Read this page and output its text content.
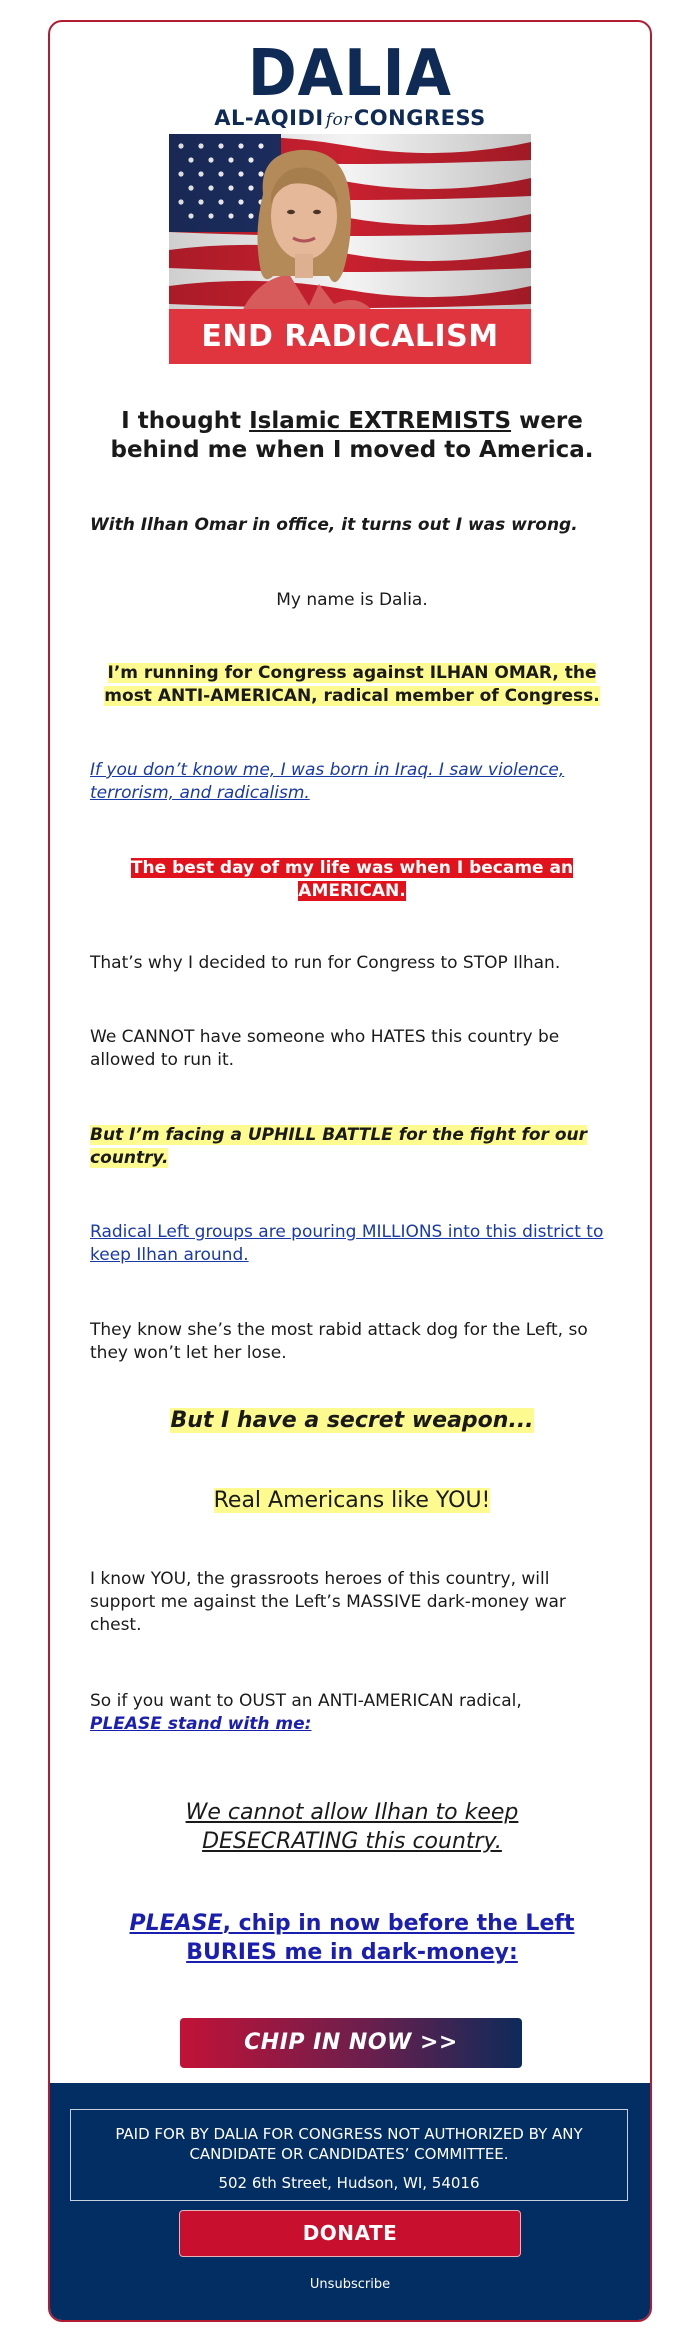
DALIA
AL-AQIDI forCONGRESS
END RADICALISM
I thought Islamic EXTREMISTS were behind me when I moved to America.
With Ilhan Omar in office, it turns out I was wrong.
My name is Dalia.
I’m running for Congress against ILHAN OMAR, the most ANTI-AMERICAN, radical member of Congress.
If you don’t know me, I was born in Iraq. I saw violence, terrorism, and radicalism.
The best day of my life was when I became an AMERICAN.
That’s why I decided to run for Congress to STOP Ilhan.
We CANNOT have someone who HATES this country be allowed to run it.
But I’m facing a UPHILL BATTLE for the fight for our country.
Radical Left groups are pouring MILLIONS into this district to keep Ilhan around.
They know she’s the most rabid attack dog for the Left, so they won’t let her lose.
But I have a secret weapon...
Real Americans like YOU!
I know YOU, the grassroots heroes of this country, will support me against the Left’s MASSIVE dark-money war chest.
So if you want to OUST an ANTI-AMERICAN radical,
PLEASE stand with me:
We cannot allow Ilhan to keep DESECRATING this country.
PLEASE, chip in now before the Left BURIES me in dark-money:
CHIP IN NOW >>
PAID FOR BY DALIA FOR CONGRESS NOT AUTHORIZED BY ANY CANDIDATE OR CANDIDATES’ COMMITTEE.
502 6th Street, Hudson, WI, 54016
DONATE
Unsubscribe
